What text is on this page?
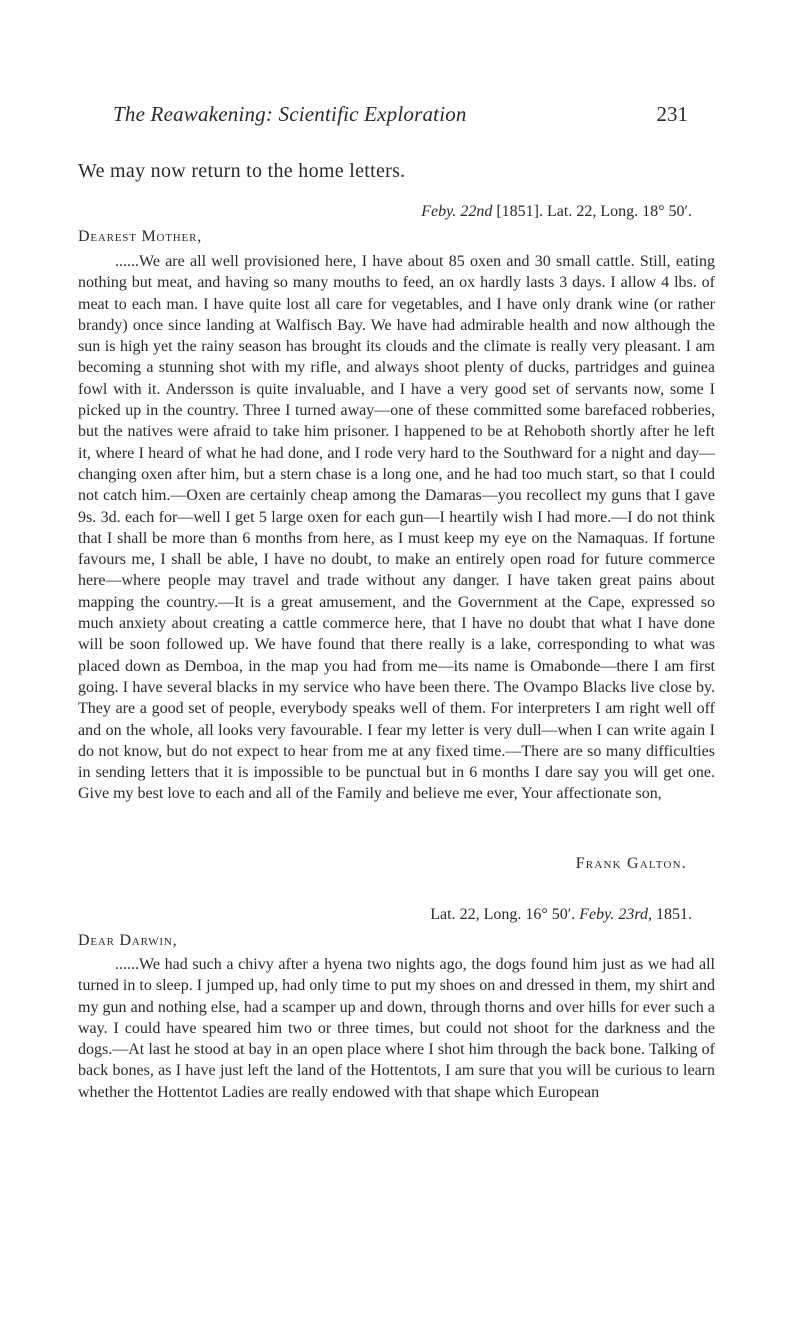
The Reawakening: Scientific Exploration	231
We may now return to the home letters.
Feby. 22nd [1851]. Lat. 22, Long. 18° 50′.
Dearest Mother,

......We are all well provisioned here, I have about 85 oxen and 30 small cattle. Still, eating nothing but meat, and having so many mouths to feed, an ox hardly lasts 3 days. I allow 4 lbs. of meat to each man. I have quite lost all care for vegetables, and I have only drank wine (or rather brandy) once since landing at Walfisch Bay. We have had admirable health and now although the sun is high yet the rainy season has brought its clouds and the climate is really very pleasant. I am becoming a stunning shot with my rifle, and always shoot plenty of ducks, partridges and guinea fowl with it. Andersson is quite invaluable, and I have a very good set of servants now, some I picked up in the country. Three I turned away—one of these committed some barefaced robberies, but the natives were afraid to take him prisoner. I happened to be at Rehoboth shortly after he left it, where I heard of what he had done, and I rode very hard to the Southward for a night and day—changing oxen after him, but a stern chase is a long one, and he had too much start, so that I could not catch him.—Oxen are certainly cheap among the Damaras—you recollect my guns that I gave 9s. 3d. each for—well I get 5 large oxen for each gun—I heartily wish I had more.—I do not think that I shall be more than 6 months from here, as I must keep my eye on the Namaquas. If fortune favours me, I shall be able, I have no doubt, to make an entirely open road for future commerce here—where people may travel and trade without any danger. I have taken great pains about mapping the country.—It is a great amusement, and the Government at the Cape, expressed so much anxiety about creating a cattle commerce here, that I have no doubt that what I have done will be soon followed up. We have found that there really is a lake, corresponding to what was placed down as Demboa, in the map you had from me—its name is Omabonde—there I am first going. I have several blacks in my service who have been there. The Ovampo Blacks live close by. They are a good set of people, everybody speaks well of them. For interpreters I am right well off and on the whole, all looks very favourable. I fear my letter is very dull—when I can write again I do not know, but do not expect to hear from me at any fixed time.—There are so many difficulties in sending letters that it is impossible to be punctual but in 6 months I dare say you will get one. Give my best love to each and all of the Family and believe me ever, Your affectionate son,

Frank Galton.
Lat. 22, Long. 16° 50′. Feby. 23rd, 1851.
Dear Darwin,

......We had such a chivy after a hyena two nights ago, the dogs found him just as we had all turned in to sleep. I jumped up, had only time to put my shoes on and dressed in them, my shirt and my gun and nothing else, had a scamper up and down, through thorns and over hills for ever such a way. I could have speared him two or three times, but could not shoot for the darkness and the dogs.—At last he stood at bay in an open place where I shot him through the back bone. Talking of back bones, as I have just left the land of the Hottentots, I am sure that you will be curious to learn whether the Hottentot Ladies are really endowed with that shape which European
